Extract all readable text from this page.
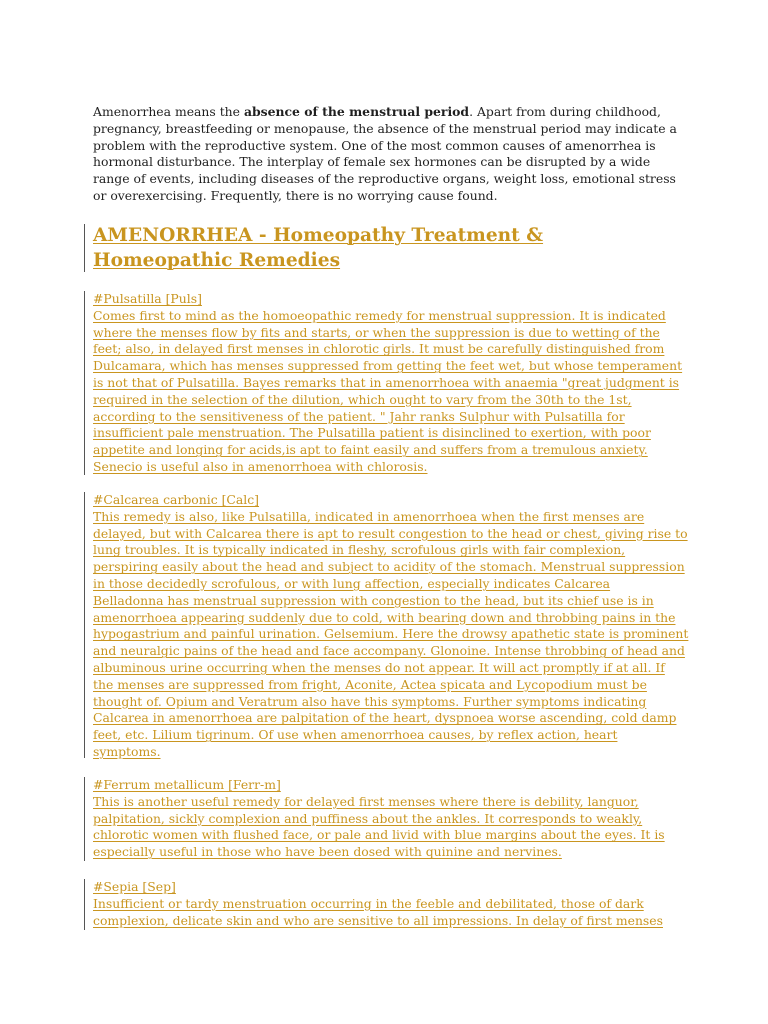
Amenorrhea means the absence of the menstrual period. Apart from during childhood, pregnancy, breastfeeding or menopause, the absence of the menstrual period may indicate a problem with the reproductive system. One of the most common causes of amenorrhea is hormonal disturbance. The interplay of female sex hormones can be disrupted by a wide range of events, including diseases of the reproductive organs, weight loss, emotional stress or overexercising. Frequently, there is no worrying cause found.

AMENORRHEA - Homeopathy Treatment &
Homeopathic Remedies
#Pulsatilla [Puls]
Comes first to mind as the homoeopathic remedy for menstrual suppression. It is indicated
where the menses flow by fits and starts, or when the suppression is due to wetting of the
feet; also, in delayed first menses in chlorotic girls. It must be carefully distinguished from
Dulcamara, which has menses suppressed from getting the feet wet, but whose temperament
is not that of Pulsatilla. Bayes remarks that in amenorrhoea with anaemia "great judgment is
required in the selection of the dilution, which ought to vary from the 30th to the 1st,
according to the sensitiveness of the patient. " Jahr ranks Sulphur with Pulsatilla for
insufficient pale menstruation. The Pulsatilla patient is disinclined to exertion, with poor
appetite and longing for acids,is apt to faint easily and suffers from a tremulous anxiety.
Senecio is useful also in amenorrhoea with chlorosis.
#Calcarea carbonic [Calc]
This remedy is also, like Pulsatilla, indicated in amenorrhoea when the first menses are
delayed, but with Calcarea there is apt to result congestion to the head or chest, giving rise to
lung troubles. It is typically indicated in fleshy, scrofulous girls with fair complexion,
perspiring easily about the head and subject to acidity of the stomach. Menstrual suppression
in those decidedly scrofulous, or with lung affection, especially indicates Calcarea
Belladonna has menstrual suppression with congestion to the head, but its chief use is in
amenorrhoea appearing suddenly due to cold, with bearing down and throbbing pains in the
hypogastrium and painful urination. Gelsemium. Here the drowsy apathetic state is prominent
and neuralgic pains of the head and face accompany. Glonoine. Intense throbbing of head and
albuminous urine occurring when the menses do not appear. It will act promptly if at all. If
the menses are suppressed from fright, Aconite, Actea spicata and Lycopodium must be
thought of. Opium and Veratrum also have this symptoms. Further symptoms indicating
Calcarea in amenorrhoea are palpitation of the heart, dyspnoea worse ascending, cold damp
feet, etc. Lilium tigrinum. Of use when amenorrhoea causes, by reflex action, heart
symptoms.
#Ferrum metallicum [Ferr-m]
This is another useful remedy for delayed first menses where there is debility, languor,
palpitation, sickly complexion and puffiness about the ankles. It corresponds to weakly,
chlorotic women with flushed face, or pale and livid with blue margins about the eyes. It is
especially useful in those who have been dosed with quinine and nervines.
#Sepia [Sep]
Insufficient or tardy menstruation occurring in the feeble and debilitated, those of dark
complexion, delicate skin and who are sensitive to all impressions. In delay of first menses
